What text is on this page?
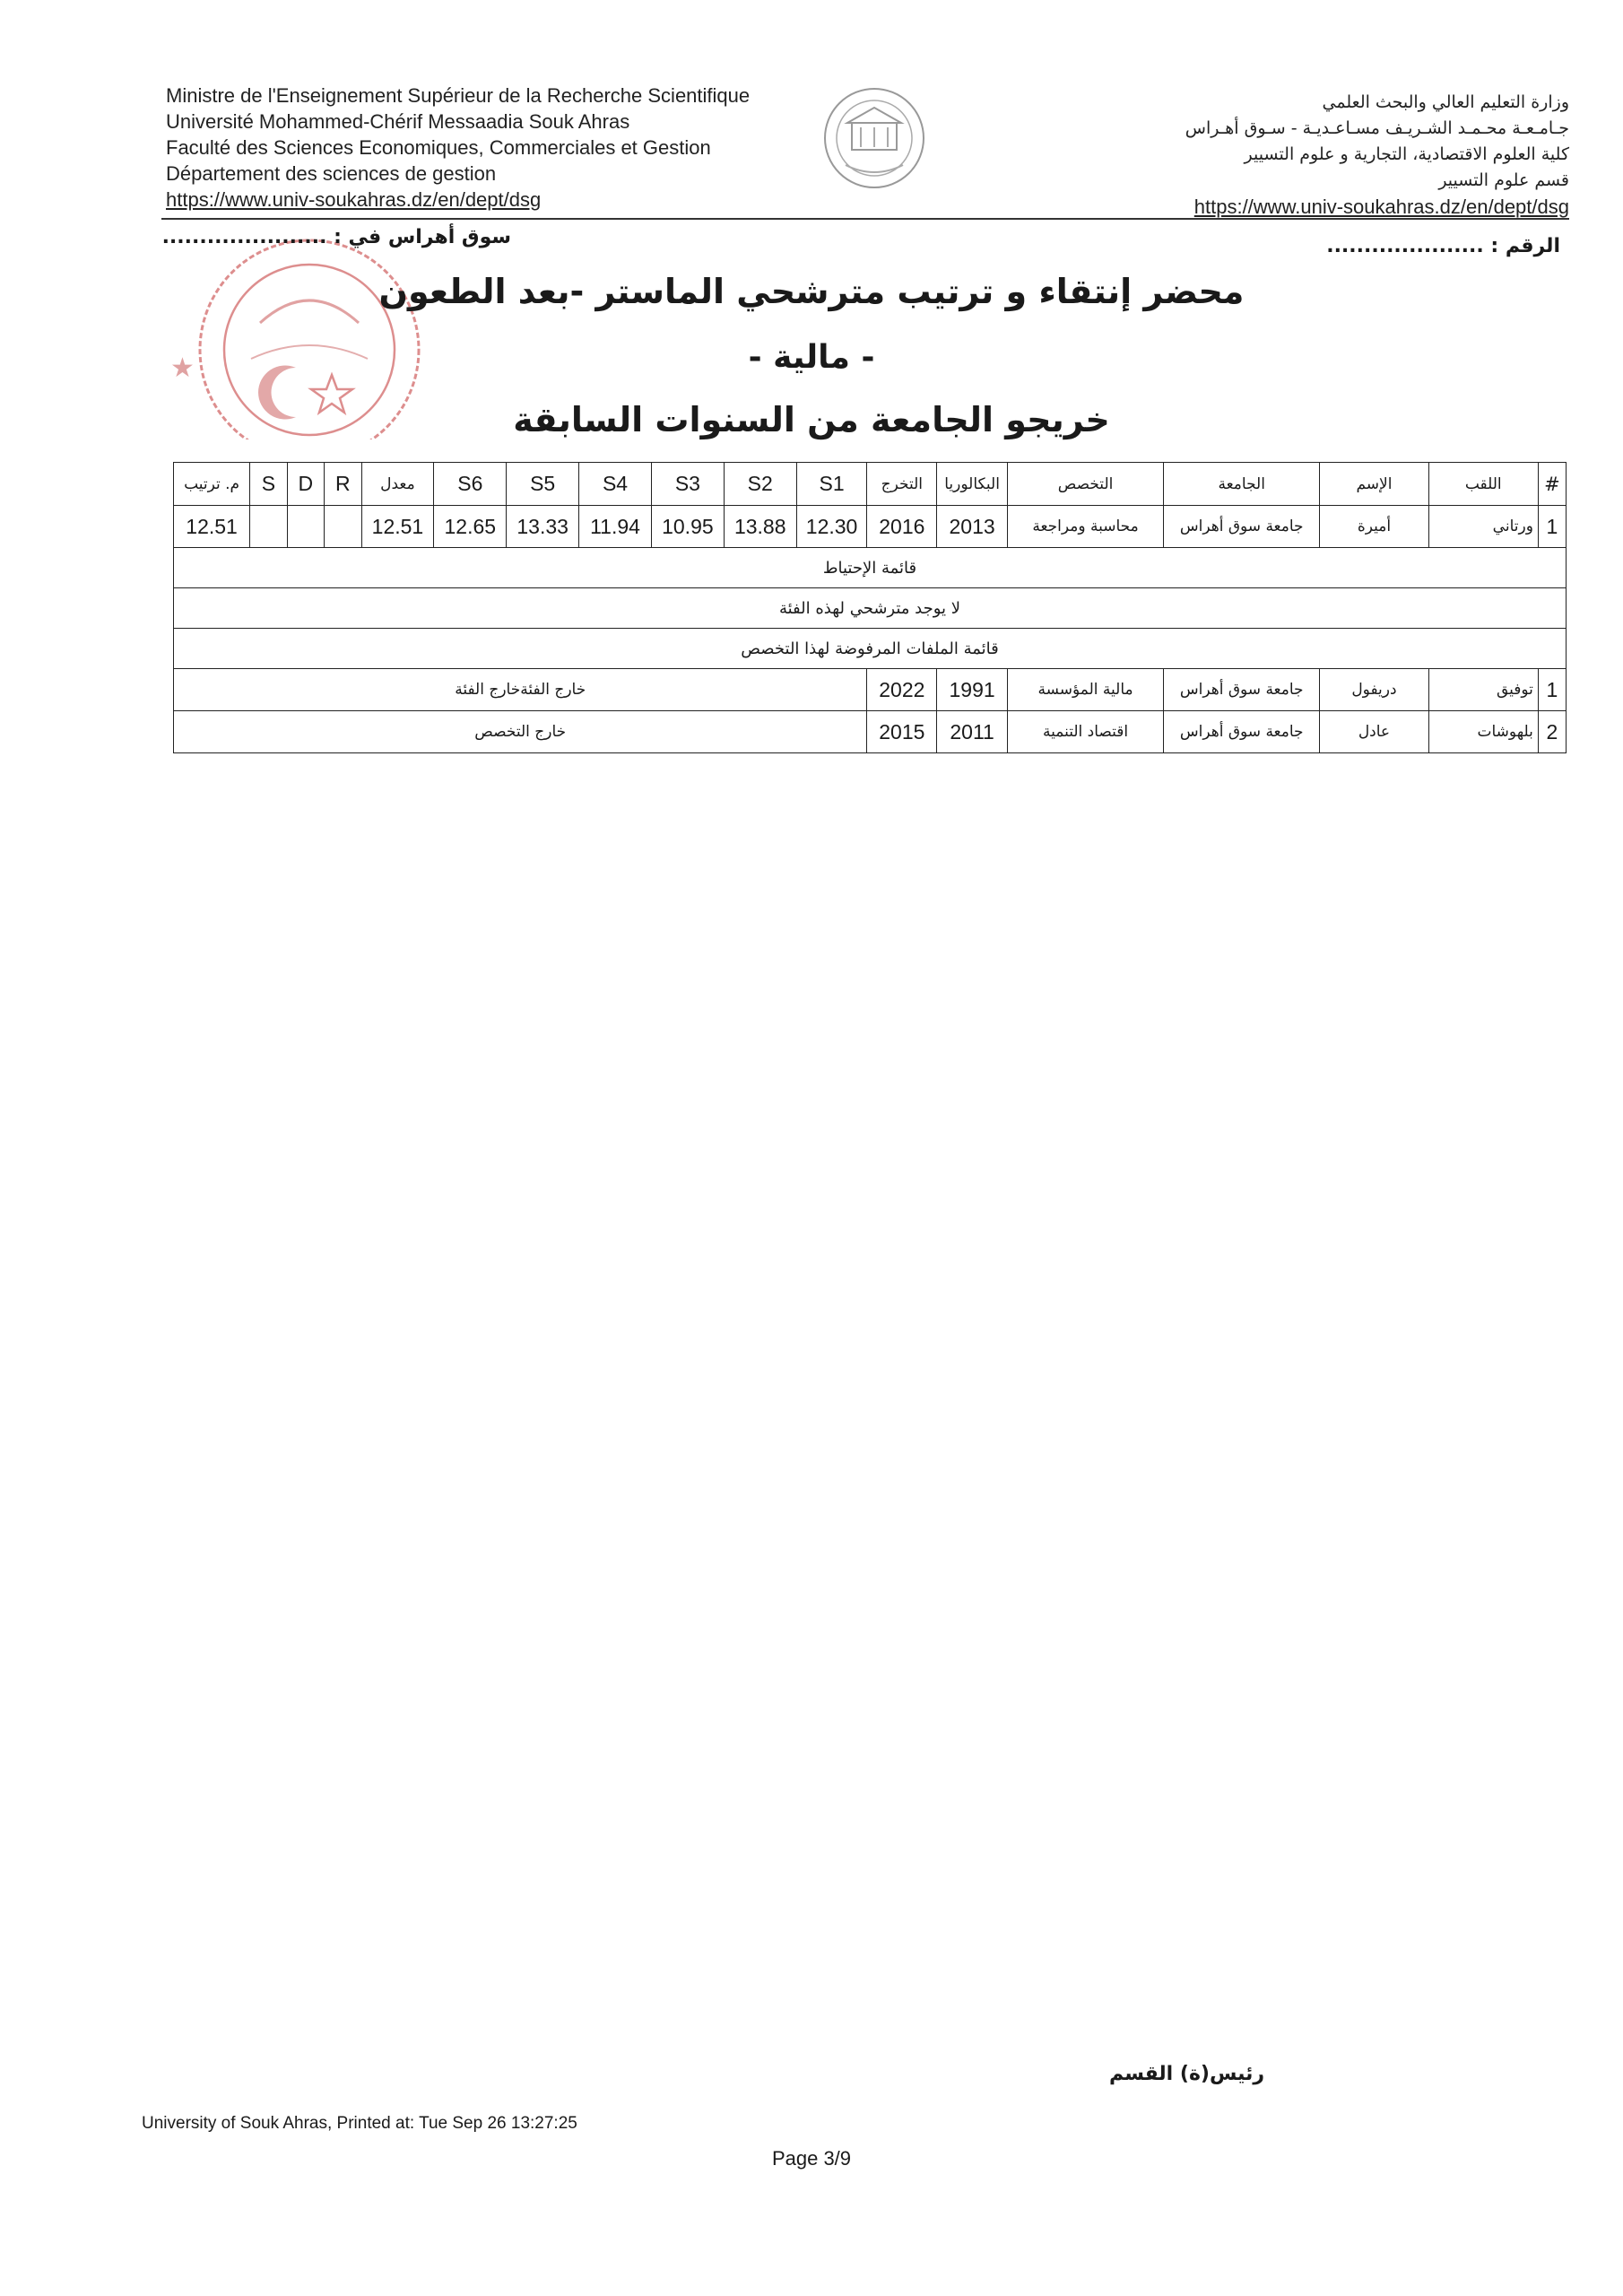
Ministre de l'Enseignement Supérieur de la Recherche Scientifique
Université Mohammed-Chérif Messaadia Souk Ahras
Faculté des Sciences Economiques, Commerciales et Gestion
Département des sciences de gestion
https://www.univ-soukahras.dz/en/dept/dsg
وزارة التعليم العالي والبحث العلمي
جـامـعـة محـمـد الشـريـف مسـاعـديـة - سـوق أهـراس
كلية العلوم الاقتصادية، التجارية و علوم التسيير
قسم علوم التسيير
https://www.univ-soukahras.dz/en/dept/dsg
★
سوق أهراس في : ......................	الرقم : .....................
محضر إنتقاء و ترتيب مترشحي الماستر -بعد الطعون
- مالية -
خريجو الجامعة من السنوات السابقة
#	اللقب	الإسم	الجامعة	التخصص	البكالوريا	التخرج	S1	S2	S3	S4	S5	S6	معدل	R	D	S	م. ترتيب
1	ورتاني	أميرة	جامعة سوق أهراس	محاسبة ومراجعة	2013	2016	12.30	13.88	10.95	11.94	13.33	12.65	12.51				12.51
قائمة الإحتياط																	
لا يوجد مترشحي لهذه الفئة																	
قائمة الملفات المرفوضة لهذا التخصص																	
1	توفيق	دريفول	جامعة سوق أهراس	مالية المؤسسة	1991	2022	خارج الفئةخارج الفئة										
2	بلهوشات	عادل	جامعة سوق أهراس	اقتصاد التنمية	2011	2015	خارج التخصص										
رئيس(ة) القسم
University of Souk Ahras, Printed at: Tue Sep 26 13:27:25
Page 3/9
